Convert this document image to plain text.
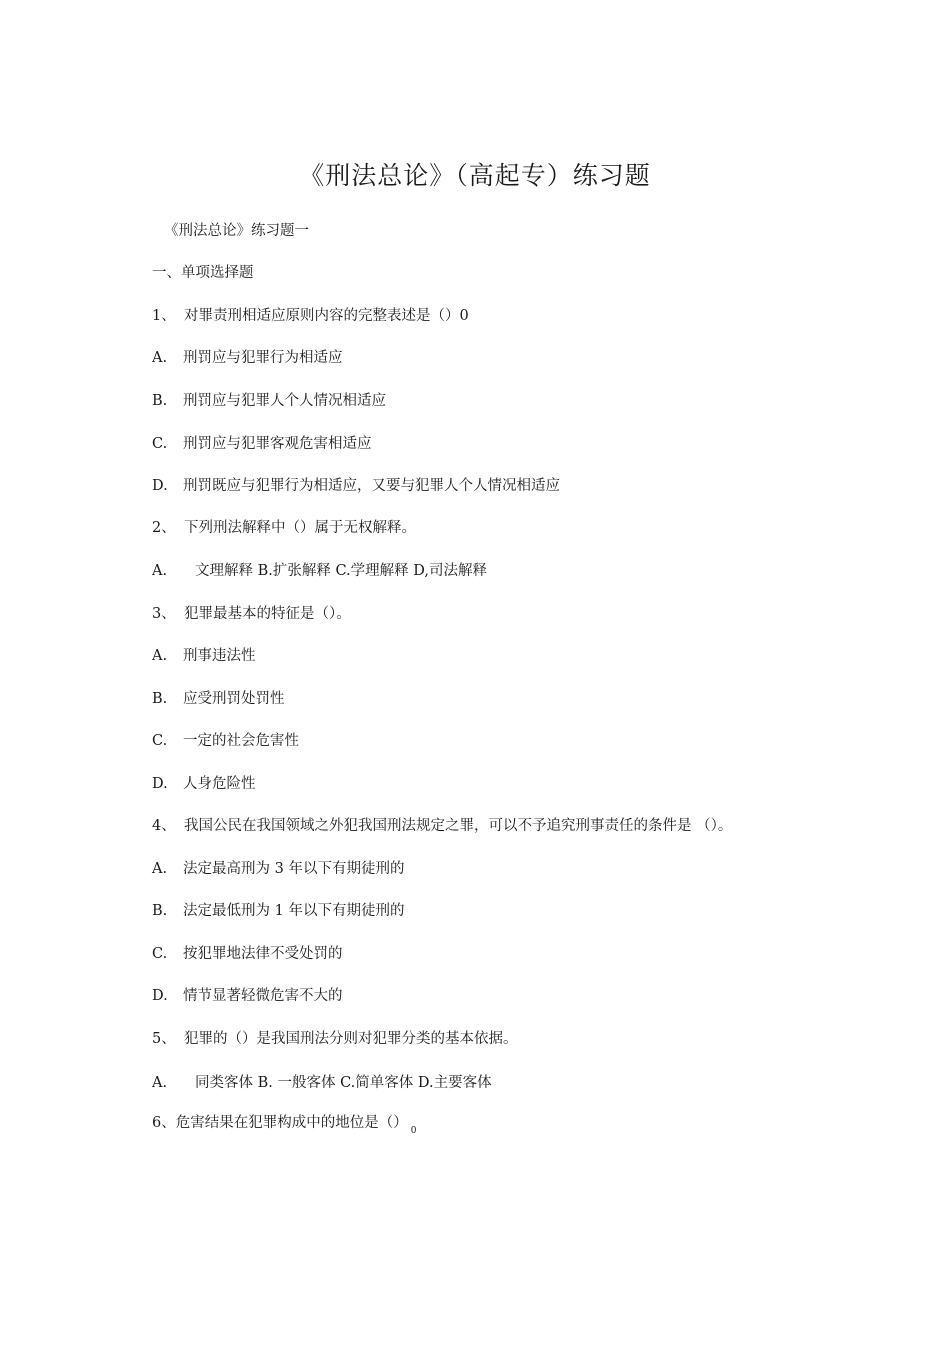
《刑法总论》（高起专）练习题

《刑法总论》练习题一

一、单项选择题

1、 对罪责刑相适应原则内容的完整表述是（）0

A. 刑罚应与犯罪行为相适应

B. 刑罚应与犯罪人个人情况相适应

C. 刑罚应与犯罪客观危害相适应

D. 刑罚既应与犯罪行为相适应，又要与犯罪人个人情况相适应

2、 下列刑法解释中（）属于无权解释。

A. 文理解释 B.扩张解释 C.学理解释 D,司法解释

3、 犯罪最基本的特征是（）。

A. 刑事违法性

B. 应受刑罚处罚性

C. 一定的社会危害性

D. 人身危险性

4、 我国公民在我国领域之外犯我国刑法规定之罪，可以不予追究刑事责任的条件是 （）。

A. 法定最高刑为 3 年以下有期徒刑的

B. 法定最低刑为 1 年以下有期徒刑的

C. 按犯罪地法律不受处罚的

D. 情节显著轻微危害不大的

5、 犯罪的（）是我国刑法分则对犯罪分类的基本依据。

A. 同类客体 B. 一般客体 C.简单客体 D.主要客体

6、危害结果在犯罪构成中的地位是（） $_0$
